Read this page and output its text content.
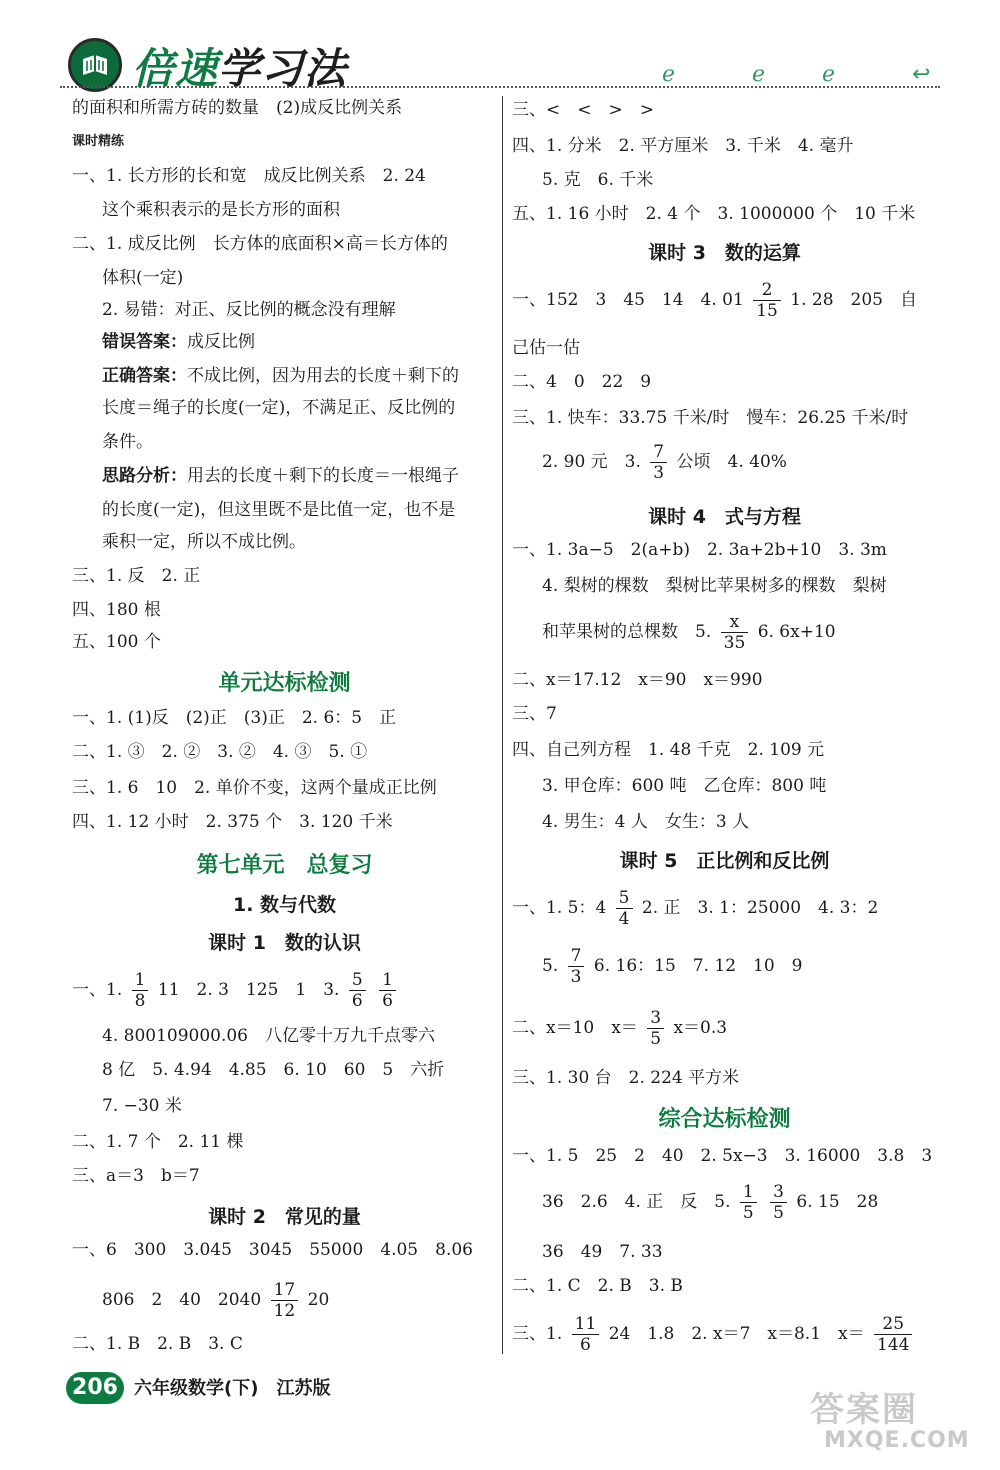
倍速学习法	ℯ	ℯ	ℯ	↩
的面积和所需方砖的数量　(2)成反比例关系
课时精练
一、1. 长方形的长和宽　成反比例关系　2. 24
这个乘积表示的是长方形的面积
二、1. 成反比例　长方体的底面积×高＝长方体的
体积(一定)
2. 易错：对正、反比例的概念没有理解
错误答案：成反比例
正确答案：不成比例，因为用去的长度＋剩下的
长度＝绳子的长度(一定)，不满足正、反比例的
条件。
思路分析：用去的长度＋剩下的长度＝一根绳子
的长度(一定)，但这里既不是比值一定，也不是
乘积一定，所以不成比例。
三、1. 反　2. 正
四、180 根
五、100 个
单元达标检测
一、1. (1)反　(2)正　(3)正　2. 6：5　正
二、1. ③　2. ②　3. ②　4. ③　5. ①
三、1. 6　10　2. 单价不变，这两个量成正比例
四、1. 12 小时　2. 375 个　3. 120 千米
第七单元　总复习
1. 数与代数
课时 1　数的认识
一、1. $\frac{1}{8} 11$　2. 3　125　1　3. $\frac{5}{6}$
$\frac{1}{6}$
4. 800109000.06　八亿零十万九千点零六
8 亿　5. 4.94　4.85　6. 10　60　5　六折
7. −30 米
二、1. 7 个　2. 11 棵
三、a＝3　b＝7
课时 2　常见的量
一、6　300　3.045　3045　55000　4.05　8.06
806　2　40　$2040 \frac{17}{12} 20$
二、1. B　2. B　3. C
三、<　<　>　>
四、1. 分米　2. 平方厘米　3. 千米　4. 毫升
5. 克　6. 千米
五、1. 16 小时　2. 4 个　3. 1000000 个　10 千米
课时 3　数的运算
一、152　3　45　14　4. $01 \frac{2}{15} 1$. 28　205　自
己估一估
二、4　0　22　9
三、1. 快车：33.75 千米/时　慢车：26.25 千米/时
2. 90 元　3. $\frac{7}{3}$ 公顷　4. 40%
课时 4　式与方程
一、1. 3a−5　2(a+b)　2. 3a+2b+10　3. 3m
4. 梨树的棵数　梨树比苹果树多的棵数　梨树
和苹果树的总棵数　5. $\frac{x}{35} 6$. 6x+10
二、x＝17.12　x＝90　x＝990
三、7
四、自己列方程　1. 48 千克　2. 109 元
3. 甲仓库：600 吨　乙仓库：800 吨
4. 男生：4 人　女生：3 人
课时 5　正比例和反比例
一、1. 5：$4 \frac{5}{4} 2$. 正　3. 1：25000　4. 3：2
5. $\frac{7}{3} 6$. 16：15　7. 12　10　9
二、x＝10　$x= \frac{3}{5} x=0.3$
三、1. 30 台　2. 224 平方米
综合达标检测
一、1. 5　25　2　40　2. 5x−3　3. 16000　3.8　3
36　2.6　4. 正　反　5. $\frac{1}{5}$
$\frac{3}{5} 6$. 15　28
36　49　7. 33
二、1. C　2. B　3. B
三、1. $\frac{11}{6} 24$　1.8　2. x＝7　x＝8.1　$x= \frac{25}{144}$
206 六年级数学(下)　江苏版
答案圈
MXQE.COM
